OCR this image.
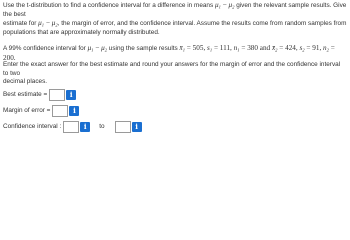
Use the t-distribution to find a confidence interval for a difference in means $\mu_1 - \mu_2$ given the relevant sample results. Give the best
estimate for $\mu_1 - \mu_2$, the margin of error, and the confidence interval. Assume the results come from random samples from
populations that are approximately normally distributed.
A 99% confidence interval for $\mu_1 - \mu_2$ using the sample results $x̄_1 = 505$, $s_1 = 111$, $n_1 = 380$ and $x̄_2 = 424$, $s_2 = 91$, $n_2 = 200$.
Enter the exact answer for the best estimate and round your answers for the margin of error and the confidence interval to two
decimal places.
Best estimate =	i
Margin of error =	i
Confidence interval :	i	to	i
